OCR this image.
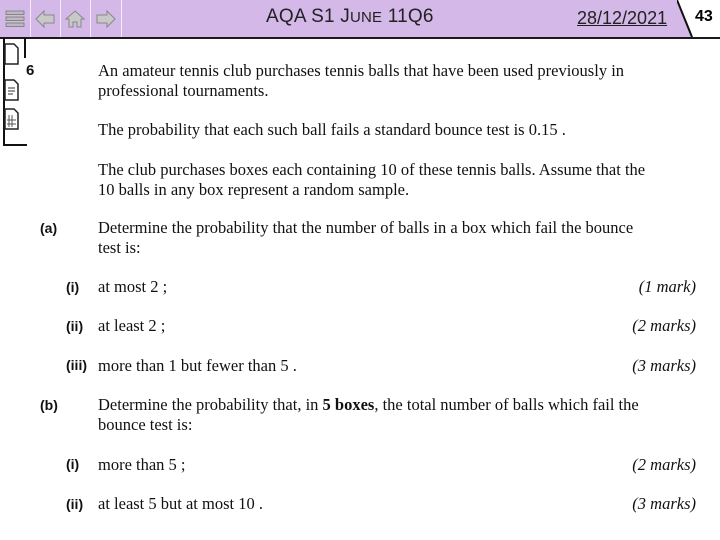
AQA S1 JUNE 11Q6	28/12/2021 43
6	An amateur tennis club purchases tennis balls that have been used previously in
professional tournaments.
The probability that each such ball fails a standard bounce test is 0.15 .
The club purchases boxes each containing 10 of these tennis balls. Assume that the
10 balls in any box represent a random sample.
(a) Determine the probability that the number of balls in a box which fail the bounce
test is:
(i) at most 2 ;	(1 mark)
(ii) at least 2 ;	(2 marks)
(iii) more than 1 but fewer than 5 .	(3 marks)
(b) Determine the probability that, in 5 boxes, the total number of balls which fail the
bounce test is:
(i) more than 5 ;	(2 marks)
(ii) at least 5 but at most 10 .	(3 marks)
